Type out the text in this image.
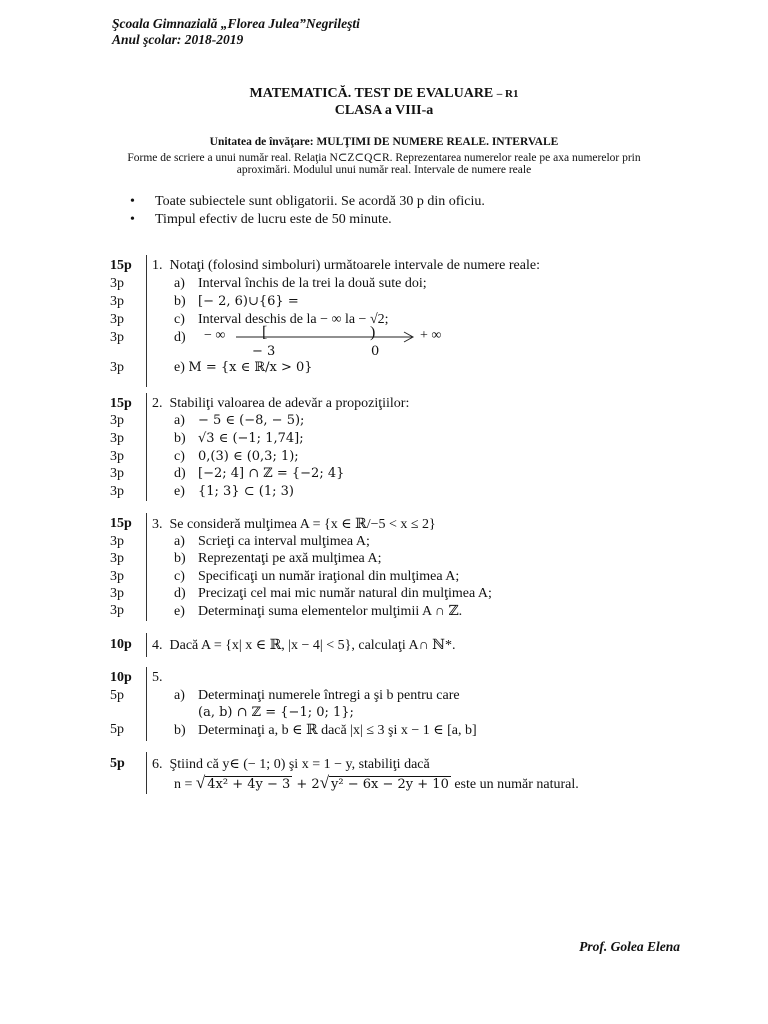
Şcoala Gimnazială „Florea Julea”Negrileşti
Anul şcolar: 2018-2019
MATEMATICĂ. TEST DE EVALUARE – R1
CLASA a VIII-a
Unitatea de învăţare: MULŢIMI DE NUMERE REALE. INTERVALE
Forme de scriere a unui număr real. Relaţia N⊂Z⊂Q⊂R. Reprezentarea numerelor reale pe axa numerelor prin
aproximări. Modulul unui număr real. Intervale de numere reale
Toate subiectele sunt obligatorii. Se acordă 30 p din oficiu.
Timpul efectiv de lucru este de 50 minute.
15p 1. Notaţi (folosind simboluri) următoarele intervale de numere reale:
3p	a) Interval închis de la trei la două sute doi;
3p	b) [− 2, 6)∪{6} =
3p	c) Interval deschis de la − ∞ la − √2;
3p	d)	− ∞ [	)	+ ∞
− 3	0
3p	e) M = {x ∈ ℝ/x > 0}
15p 2. Stabiliţi valoarea de adevăr a propoziţiilor:
3p	a) − 5 ∈ (−8, − 5);
3p	b) √3 ∈ (−1; 1,74];
3p	c) 0,(3) ∈ (0,3; 1);
3p	d) [−2; 4] ∩ ℤ = {−2; 4}
3p	e) {1; 3} ⊂ (1; 3)
15p 3. Se consideră mulţimea A = {x ∈ ℝ/−5 < x ≤ 2}
3p	a) Scrieţi ca interval mulţimea A;
3p	b) Reprezentaţi pe axă mulţimea A;
3p	c) Specificaţi un număr iraţional din mulţimea A;
3p	d) Precizaţi cel mai mic număr natural din mulţimea A;
3p	e) Determinaţi suma elementelor mulţimii A ∩ ℤ.
10p 4. Dacă A = {x| x ∈ ℝ, |x − 4| < 5}, calculaţi A∩ ℕ*.
10p 5.
5p	a) Determinaţi numerele întregi a şi b pentru care
(a, b) ∩ ℤ = {−1; 0; 1};
5p	b) Determinaţi a, b ∈ ℝ dacă |x| ≤ 3 şi x − 1 ∈ [a, b]
5p 6. Ştiind că y∈ (− 1; 0) şi x = 1 − y, stabiliţi dacă
n = √ 4x² + 4y − 3 + 2√ y² − 6x − 2y + 10 este un număr natural.
Prof. Golea Elena
